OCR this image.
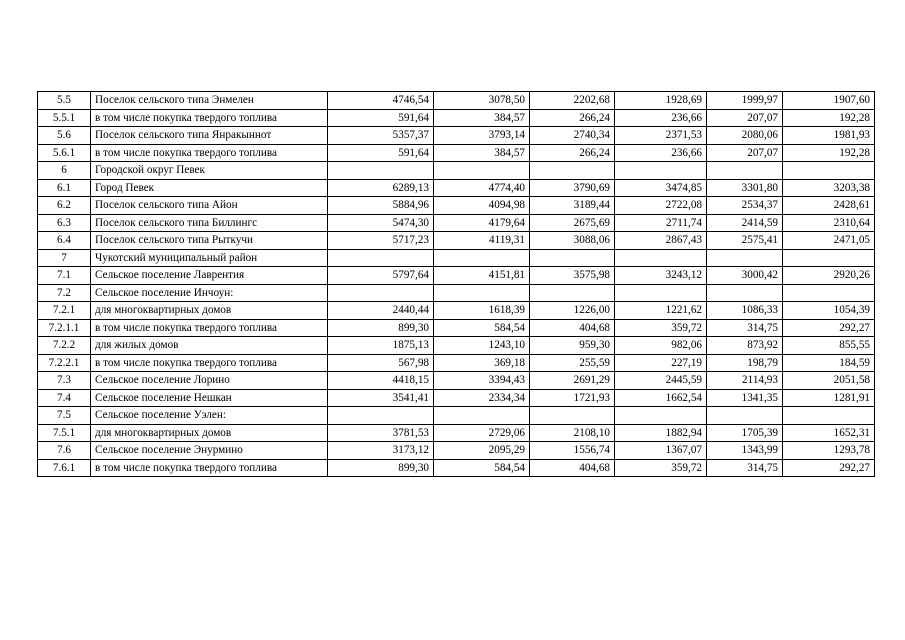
5.5	Поселок сельского типа Энмелен	4746,54	3078,50	2202,68	1928,69	1999,97	1907,60
5.5.1	в том числе покупка твердого топлива	591,64	384,57	266,24	236,66	207,07	192,28
5.6	Поселок сельского типа Янракыннот	5357,37	3793,14	2740,34	2371,53	2080,06	1981,93
5.6.1	в том числе покупка твердого топлива	591,64	384,57	266,24	236,66	207,07	192,28
6	Городской округ Певек						
6.1	Город Певек	6289,13	4774,40	3790,69	3474,85	3301,80	3203,38
6.2	Поселок сельского типа Айон	5884,96	4094,98	3189,44	2722,08	2534,37	2428,61
6.3	Поселок сельского типа Биллингс	5474,30	4179,64	2675,69	2711,74	2414,59	2310,64
6.4	Поселок сельского типа Рыткучи	5717,23	4119,31	3088,06	2867,43	2575,41	2471,05
7	Чукотский муниципальный район						
7.1	Сельское поселение Лаврентия	5797,64	4151,81	3575,98	3243,12	3000,42	2920,26
7.2	Сельское поселение Инчоун:						
7.2.1	для многоквартирных домов	2440,44	1618,39	1226,00	1221,62	1086,33	1054,39
7.2.1.1	в том числе покупка твердого топлива	899,30	584,54	404,68	359,72	314,75	292,27
7.2.2	для жилых домов	1875,13	1243,10	959,30	982,06	873,92	855,55
7.2.2.1	в том числе покупка твердого топлива	567,98	369,18	255,59	227,19	198,79	184,59
7.3	Сельское поселение Лорино	4418,15	3394,43	2691,29	2445,59	2114,93	2051,58
7.4	Сельское поселение Нешкан	3541,41	2334,34	1721,93	1662,54	1341,35	1281,91
7.5	Сельское поселение Уэлен:						
7.5.1	для многоквартирных домов	3781,53	2729,06	2108,10	1882,94	1705,39	1652,31
7.6	Сельское поселение Энурмино	3173,12	2095,29	1556,74	1367,07	1343,99	1293,78
7.6.1	в том числе покупка твердого топлива	899,30	584,54	404,68	359,72	314,75	292,27
